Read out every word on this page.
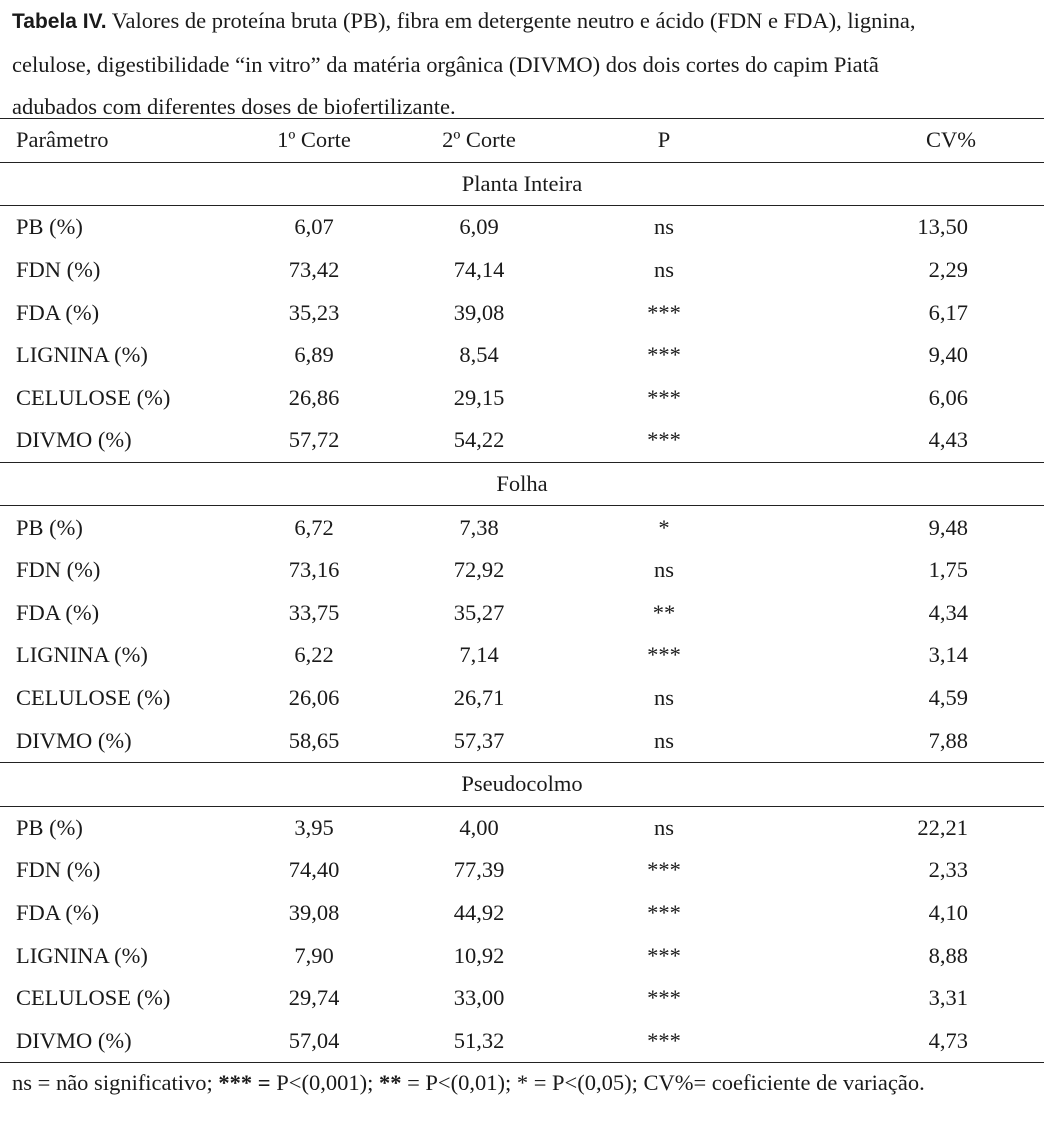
Tabela IV. Valores de proteína bruta (PB), fibra em detergente neutro e ácido (FDN e FDA), lignina, celulose, digestibilidade “in vitro” da matéria orgânica (DIVMO) dos dois cortes do capim Piatã adubados com diferentes doses de biofertilizante.

Parâmetro	1º Corte	2º Corte	P	CV%
Planta Inteira				
PB (%)	6,07	6,09	ns	13,50
FDN (%)	73,42	74,14	ns	2,29
FDA (%)	35,23	39,08	***	6,17
LIGNINA (%)	6,89	8,54	***	9,40
CELULOSE (%)	26,86	29,15	***	6,06
DIVMO (%)	57,72	54,22	***	4,43
Folha				
PB (%)	6,72	7,38	*	9,48
FDN (%)	73,16	72,92	ns	1,75
FDA (%)	33,75	35,27	**	4,34
LIGNINA (%)	6,22	7,14	***	3,14
CELULOSE (%)	26,06	26,71	ns	4,59
DIVMO (%)	58,65	57,37	ns	7,88
Pseudocolmo				
PB (%)	3,95	4,00	ns	22,21
FDN (%)	74,40	77,39	***	2,33
FDA (%)	39,08	44,92	***	4,10
LIGNINA (%)	7,90	10,92	***	8,88
CELULOSE (%)	29,74	33,00	***	3,31
DIVMO (%)	57,04	51,32	***	4,73

ns = não significativo; *** = P<(0,001); ** = P<(0,01); * = P<(0,05); CV%= coeficiente de variação.
